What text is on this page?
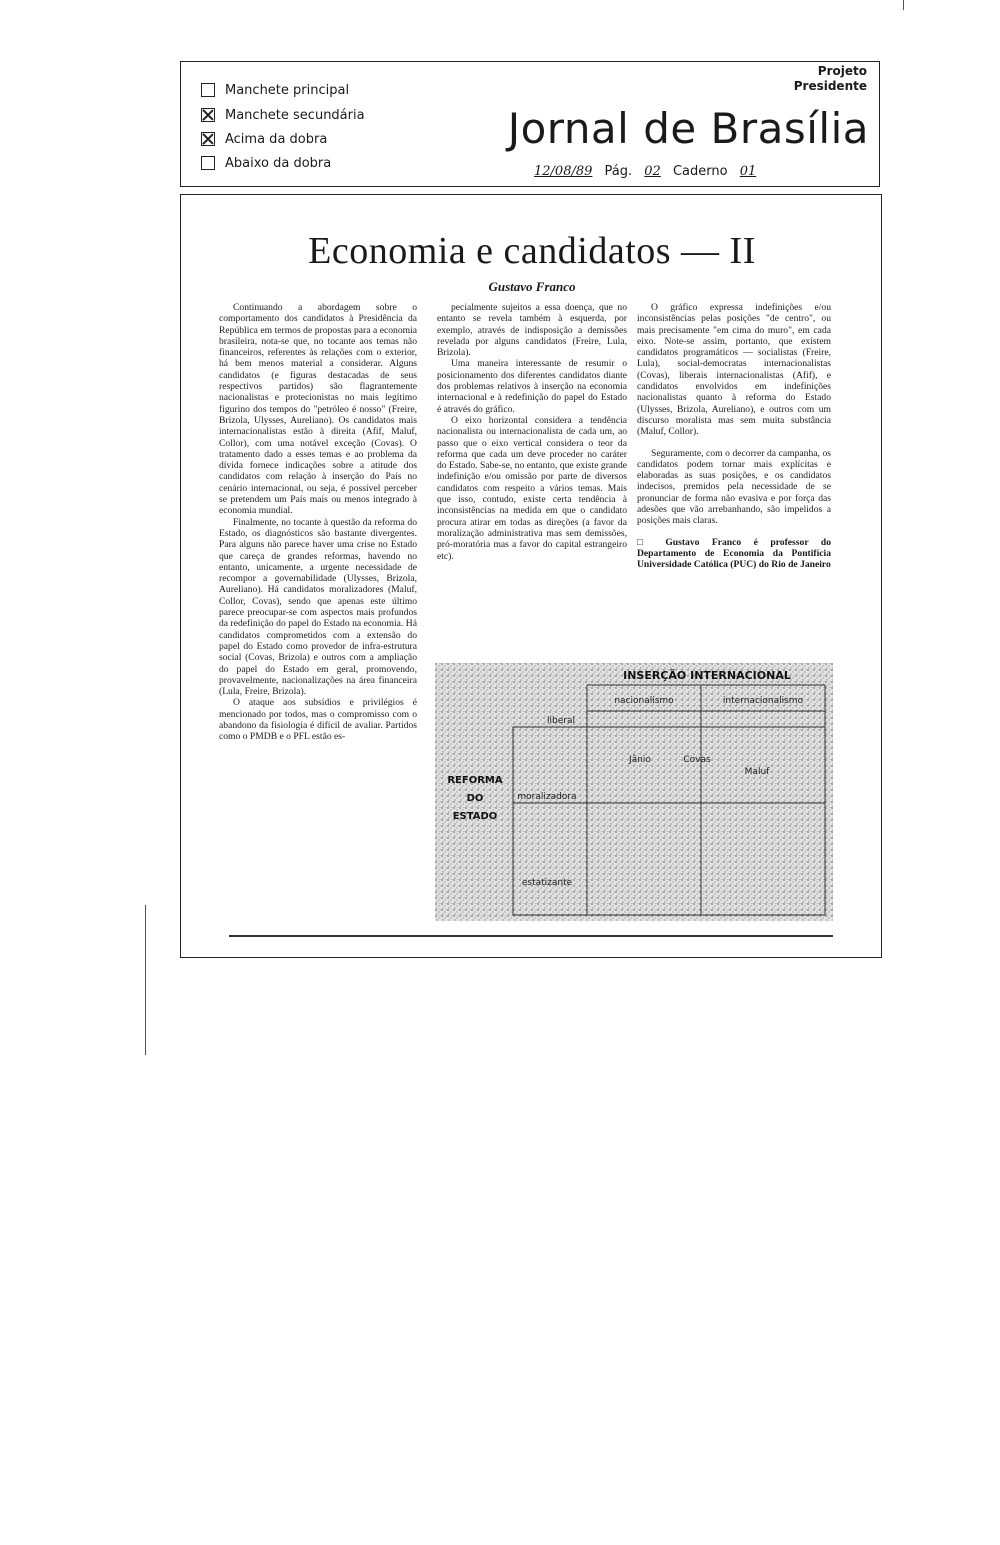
Manchete principal
Manchete secundária
Acima da dobra
Abaixo da dobra
Projeto
Presidente
Jornal de Brasília
12/08/89 Pág. 02 Caderno 01
Economia e candidatos — II
Gustavo Franco

Continuando a abordagem sobre o comportamento dos candidatos à Presidência da República em termos de propostas para a economia brasileira, nota-se que, no tocante aos temas não financeiros, referentes às relações com o exterior, há bem menos material a considerar. Alguns candidatos (e figuras destacadas de seus respectivos partidos) são flagrantemente nacionalistas e protecionistas no mais legítimo figurino dos tempos do "petróleo é nosso" (Freire, Brizola, Ulysses, Aureliano). Os candidatos mais internacionalistas estão à direita (Afif, Maluf, Collor), com uma notável exceção (Covas). O tratamento dado a esses temas e ao problema da dívida fornece indicações sobre a atitude dos candidatos com relação à inserção do País no cenário internacional, ou seja, é possível perceber se pretendem um País mais ou menos integrado à economia mundial.

Finalmente, no tocante à questão da reforma do Estado, os diagnósticos são bastante divergentes. Para alguns não parece haver uma crise no Estado que careça de grandes reformas, havendo no entanto, unicamente, a urgente necessidade de recompor a governabilidade (Ulysses, Brizola, Aureliano). Há candidatos moralizadores (Maluf, Collor, Covas), sendo que apenas este último parece preocupar-se com aspectos mais profundos da redefinição do papel do Estado na economia. Há candidatos comprometidos com a extensão do papel do Estado como provedor de infra-estrutura social (Covas, Brizola) e outros com a ampliação do papel do Estado em geral, promovendo, provavelmente, nacionalizações na área financeira (Lula, Freire, Brizola).

O ataque aos subsídios e privilégios é mencionado por todos, mas o compromisso com o abandono da fisiologia é difícil de avaliar. Partidos como o PMDB e o PFL estão es-

pecialmente sujeitos a essa doença, que no entanto se revela também à esquerda, por exemplo, através de indisposição a demissões revelada por alguns candidatos (Freire, Lula, Brizola).

Uma maneira interessante de resumir o posicionamento dos diferentes candidatos diante dos problemas relativos à inserção na economia internacional e à redefinição do papel do Estado é através do gráfico.

O eixo horizontal considera a tendência nacionalista ou internacionalista de cada um, ao passo que o eixo vertical considera o teor da reforma que cada um deve proceder no caráter do Estado. Sabe-se, no entanto, que existe grande indefinição e/ou omissão por parte de diversos candidatos com respeito a vários temas. Mais que isso, contudo, existe certa tendência à inconsistências na medida em que o candidato procura atirar em todas as direções (a favor da moralização administrativa mas sem demissões, pró-moratória mas a favor do capital estrangeiro etc).

O gráfico expressa indefinições e/ou inconsistências pelas posições "de centro", ou mais precisamente "em cima do muro", em cada eixo. Note-se assim, portanto, que existem candidatos programáticos — socialistas (Freire, Lula), social-democratas internacionalistas (Covas), liberais internacionalistas (Afif), e candidatos envolvidos em indefinições nacionalistas quanto à reforma do Estado (Ulysses, Brizola, Aureliano), e outros com um discurso moralista mas sem muita substância (Maluf, Collor).

Seguramente, com o decorrer da campanha, os candidatos podem tornar mais explícitas e elaboradas as suas posições, e os candidatos indecisos, premidos pela necessidade de se pronunciar de forma não evasiva e por força das adesões que vão arrebanhando, são impelidos a posições mais claras.

□ Gustavo Franco é professor do Departamento de Economia da Pontifícia Universidade Católica (PUC) do Rio de Janeiro

INSERÇÃO INTERNACIONAL
nacionalismo	internacionalismo
REFORMA
DO
ESTADO
liberal
moralizadora
estatizante
Jânio	Covas
Maluf
